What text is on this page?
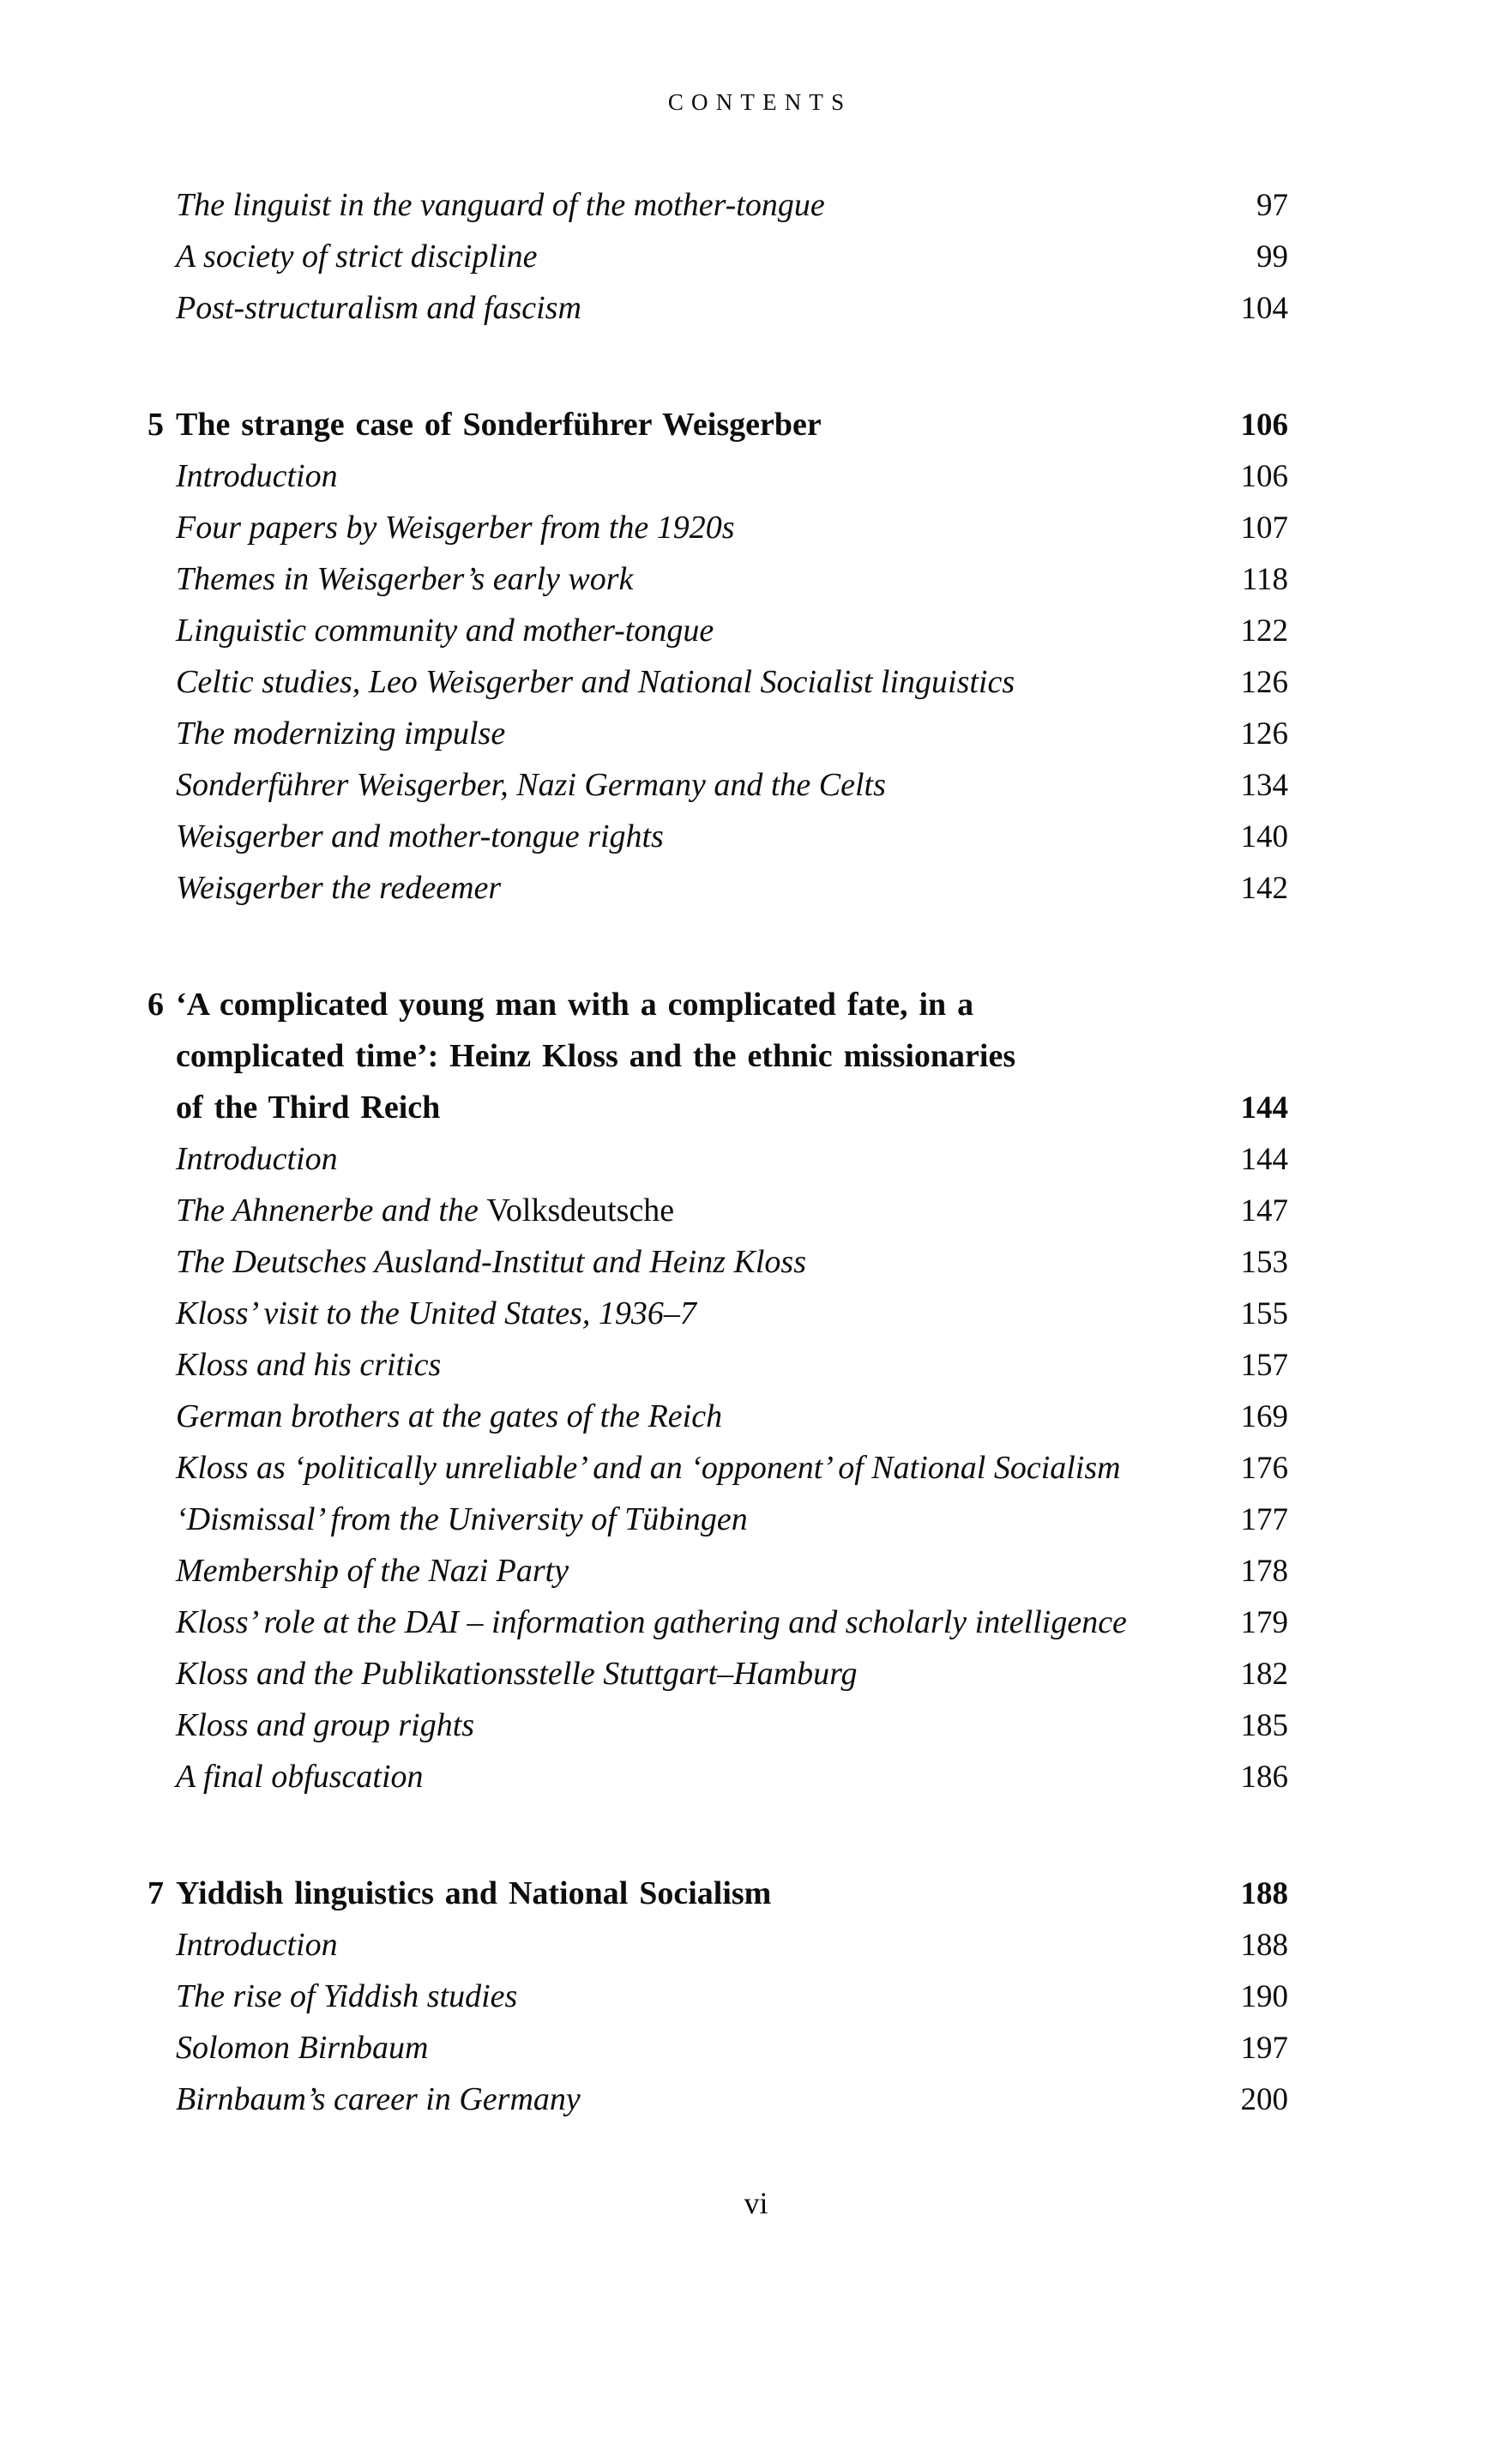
CONTENTS
The linguist in the vanguard of the mother-tongue	97
A society of strict discipline	99
Post-structuralism and fascism	104
5 The strange case of Sonderführer Weisgerber	106
Introduction	106
Four papers by Weisgerber from the 1920s	107
Themes in Weisgerber’s early work	118
Linguistic community and mother-tongue	122
Celtic studies, Leo Weisgerber and National Socialist linguistics	126
The modernizing impulse	126
Sonderführer Weisgerber, Nazi Germany and the Celts	134
Weisgerber and mother-tongue rights	140
Weisgerber the redeemer	142
6 ‘A complicated young man with a complicated fate, in a
complicated time’: Heinz Kloss and the ethnic missionaries
of the Third Reich	144
Introduction	144
The Ahnenerbe and the Volksdeutsche	147
The Deutsches Ausland-Institut and Heinz Kloss	153
Kloss’ visit to the United States, 1936–7	155
Kloss and his critics	157
German brothers at the gates of the Reich	169
Kloss as ‘politically unreliable’ and an ‘opponent’ of National Socialism	176
‘Dismissal’ from the University of Tübingen	177
Membership of the Nazi Party	178
Kloss’ role at the DAI – information gathering and scholarly intelligence	179
Kloss and the Publikationsstelle Stuttgart–Hamburg	182
Kloss and group rights	185
A final obfuscation	186
7 Yiddish linguistics and National Socialism	188
Introduction	188
The rise of Yiddish studies	190
Solomon Birnbaum	197
Birnbaum’s career in Germany	200
vi
